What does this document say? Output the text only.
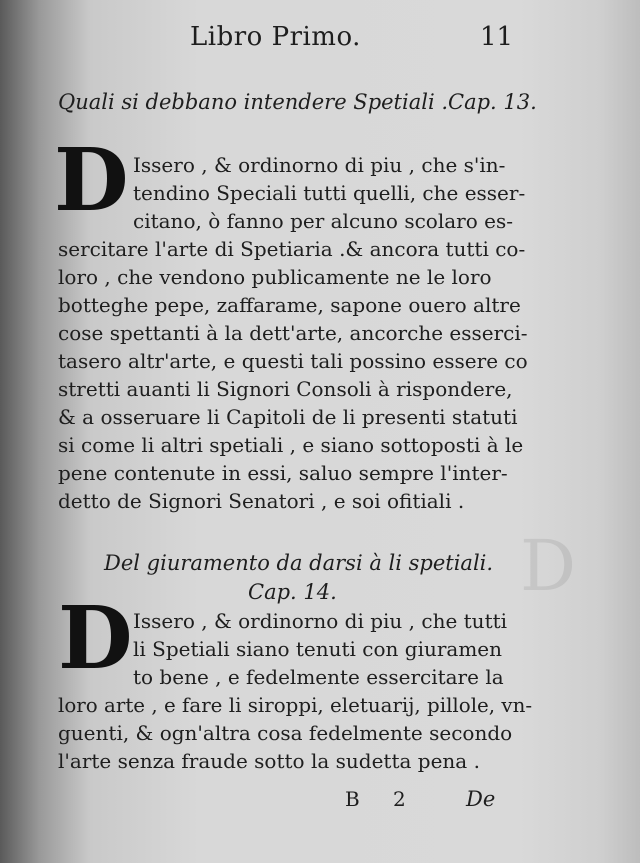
D
Libro Primo.	11
Quali si debbano intendere Spetiali .Cap. 13.
D Issero , & ordinorno di piu , che s'in-
tendino Speciali tutti quelli, che esser-
citano, ò fanno per alcuno scolaro es-
sercitare l'arte di Spetiaria .& ancora tutti co-
loro , che vendono publicamente ne le loro
botteghe pepe, zaffarame, sapone ouero altre
cose spettanti à la dett'arte, ancorche esserci-
tasero altr'arte, e questi tali possino essere co
stretti auanti li Signori Consoli à rispondere,
& a osseruare li Capitoli de li presenti statuti
si come li altri spetiali , e siano sottoposti à le
pene contenute in essi, saluo sempre l'inter-
detto de Signori Senatori , e soi ofitiali .
Del giuramento da darsi à li spetiali.
Cap. 14.
D Issero , & ordinorno di piu , che tutti
li Spetiali siano tenuti con giuramen
to bene , e fedelmente essercitare la
loro arte , e fare li siroppi, eletuarij, pillole, vn-
guenti, & ogn'altra cosa fedelmente secondo
l'arte senza fraude sotto la sudetta pena .
B 2	De
